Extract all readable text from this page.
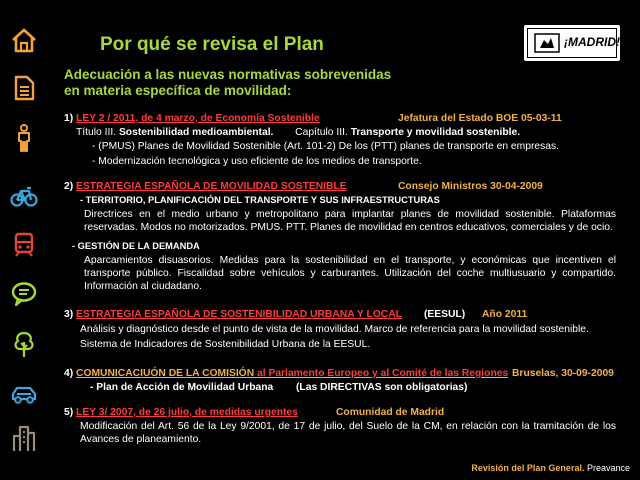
Por qué se revisa el Plan	¡MADRID!
Adecuación a las nuevas normativas sobrevenidas
en materia específica de movilidad:
1) LEY 2 / 2011, de 4 marzo, de Economía Sostenible	Jefatura del Estado BOE 05-03-11
Título III. Sostenibilidad medioambiental. Capítulo III. Transporte y movilidad sostenible.
- (PMUS) Planes de Movilidad Sostenible (Art. 101-2) De los (PTT) planes de transporte en empresas.
- Modernización tecnológica y uso eficiente de los medios de transporte.
2) ESTRATEGIA ESPAÑOLA DE MOVILIDAD SOSTENIBLE	Consejo Ministros 30-04-2009
- TERRITORIO, PLANIFICACIÓN DEL TRANSPORTE Y SUS INFRAESTRUCTURAS
Directrices en el medio urbano y metropolitano para implantar planes de movilidad sostenible. Plataformas reservadas. Modos no motorizados. PMUS. PTT. Planes de movilidad en centros educativos, comerciales y de ocio.
- GESTIÓN DE LA DEMANDA
Aparcamientos disuasorios. Medidas para la sostenibilidad en el transporte, y económicas que incentiven el transporte público. Fiscalidad sobre vehículos y carburantes. Utilización del coche multiusuario y compartido. Información al ciudadano.
3) ESTRATEGIA ESPAÑOLA DE SOSTENIBILIDAD URBANA Y LOCAL (EESUL) Año 2011
Análisis y diagnóstico desde el punto de vista de la movilidad. Marco de referencia para la movilidad sostenible.
Sistema de Indicadores de Sostenibilidad Urbana de la EESUL.
4) COMUNICACIUÓN DE LA COMISIÓN al Parlamento Europeo y al Comité de las Regiones Bruselas, 30-09-2009
- Plan de Acción de Movilidad Urbana (Las DIRECTIVAS son obligatorias)
5) LEY 3/ 2007, de 26 julio, de medidas urgentes	Comunidad de Madrid
Modificación del Art. 56 de la Ley 9/2001, de 17 de julio, del Suelo de la CM, en relación con la tramitación de los Avances de planeamiento.
Revisión del Plan General. Preavance
